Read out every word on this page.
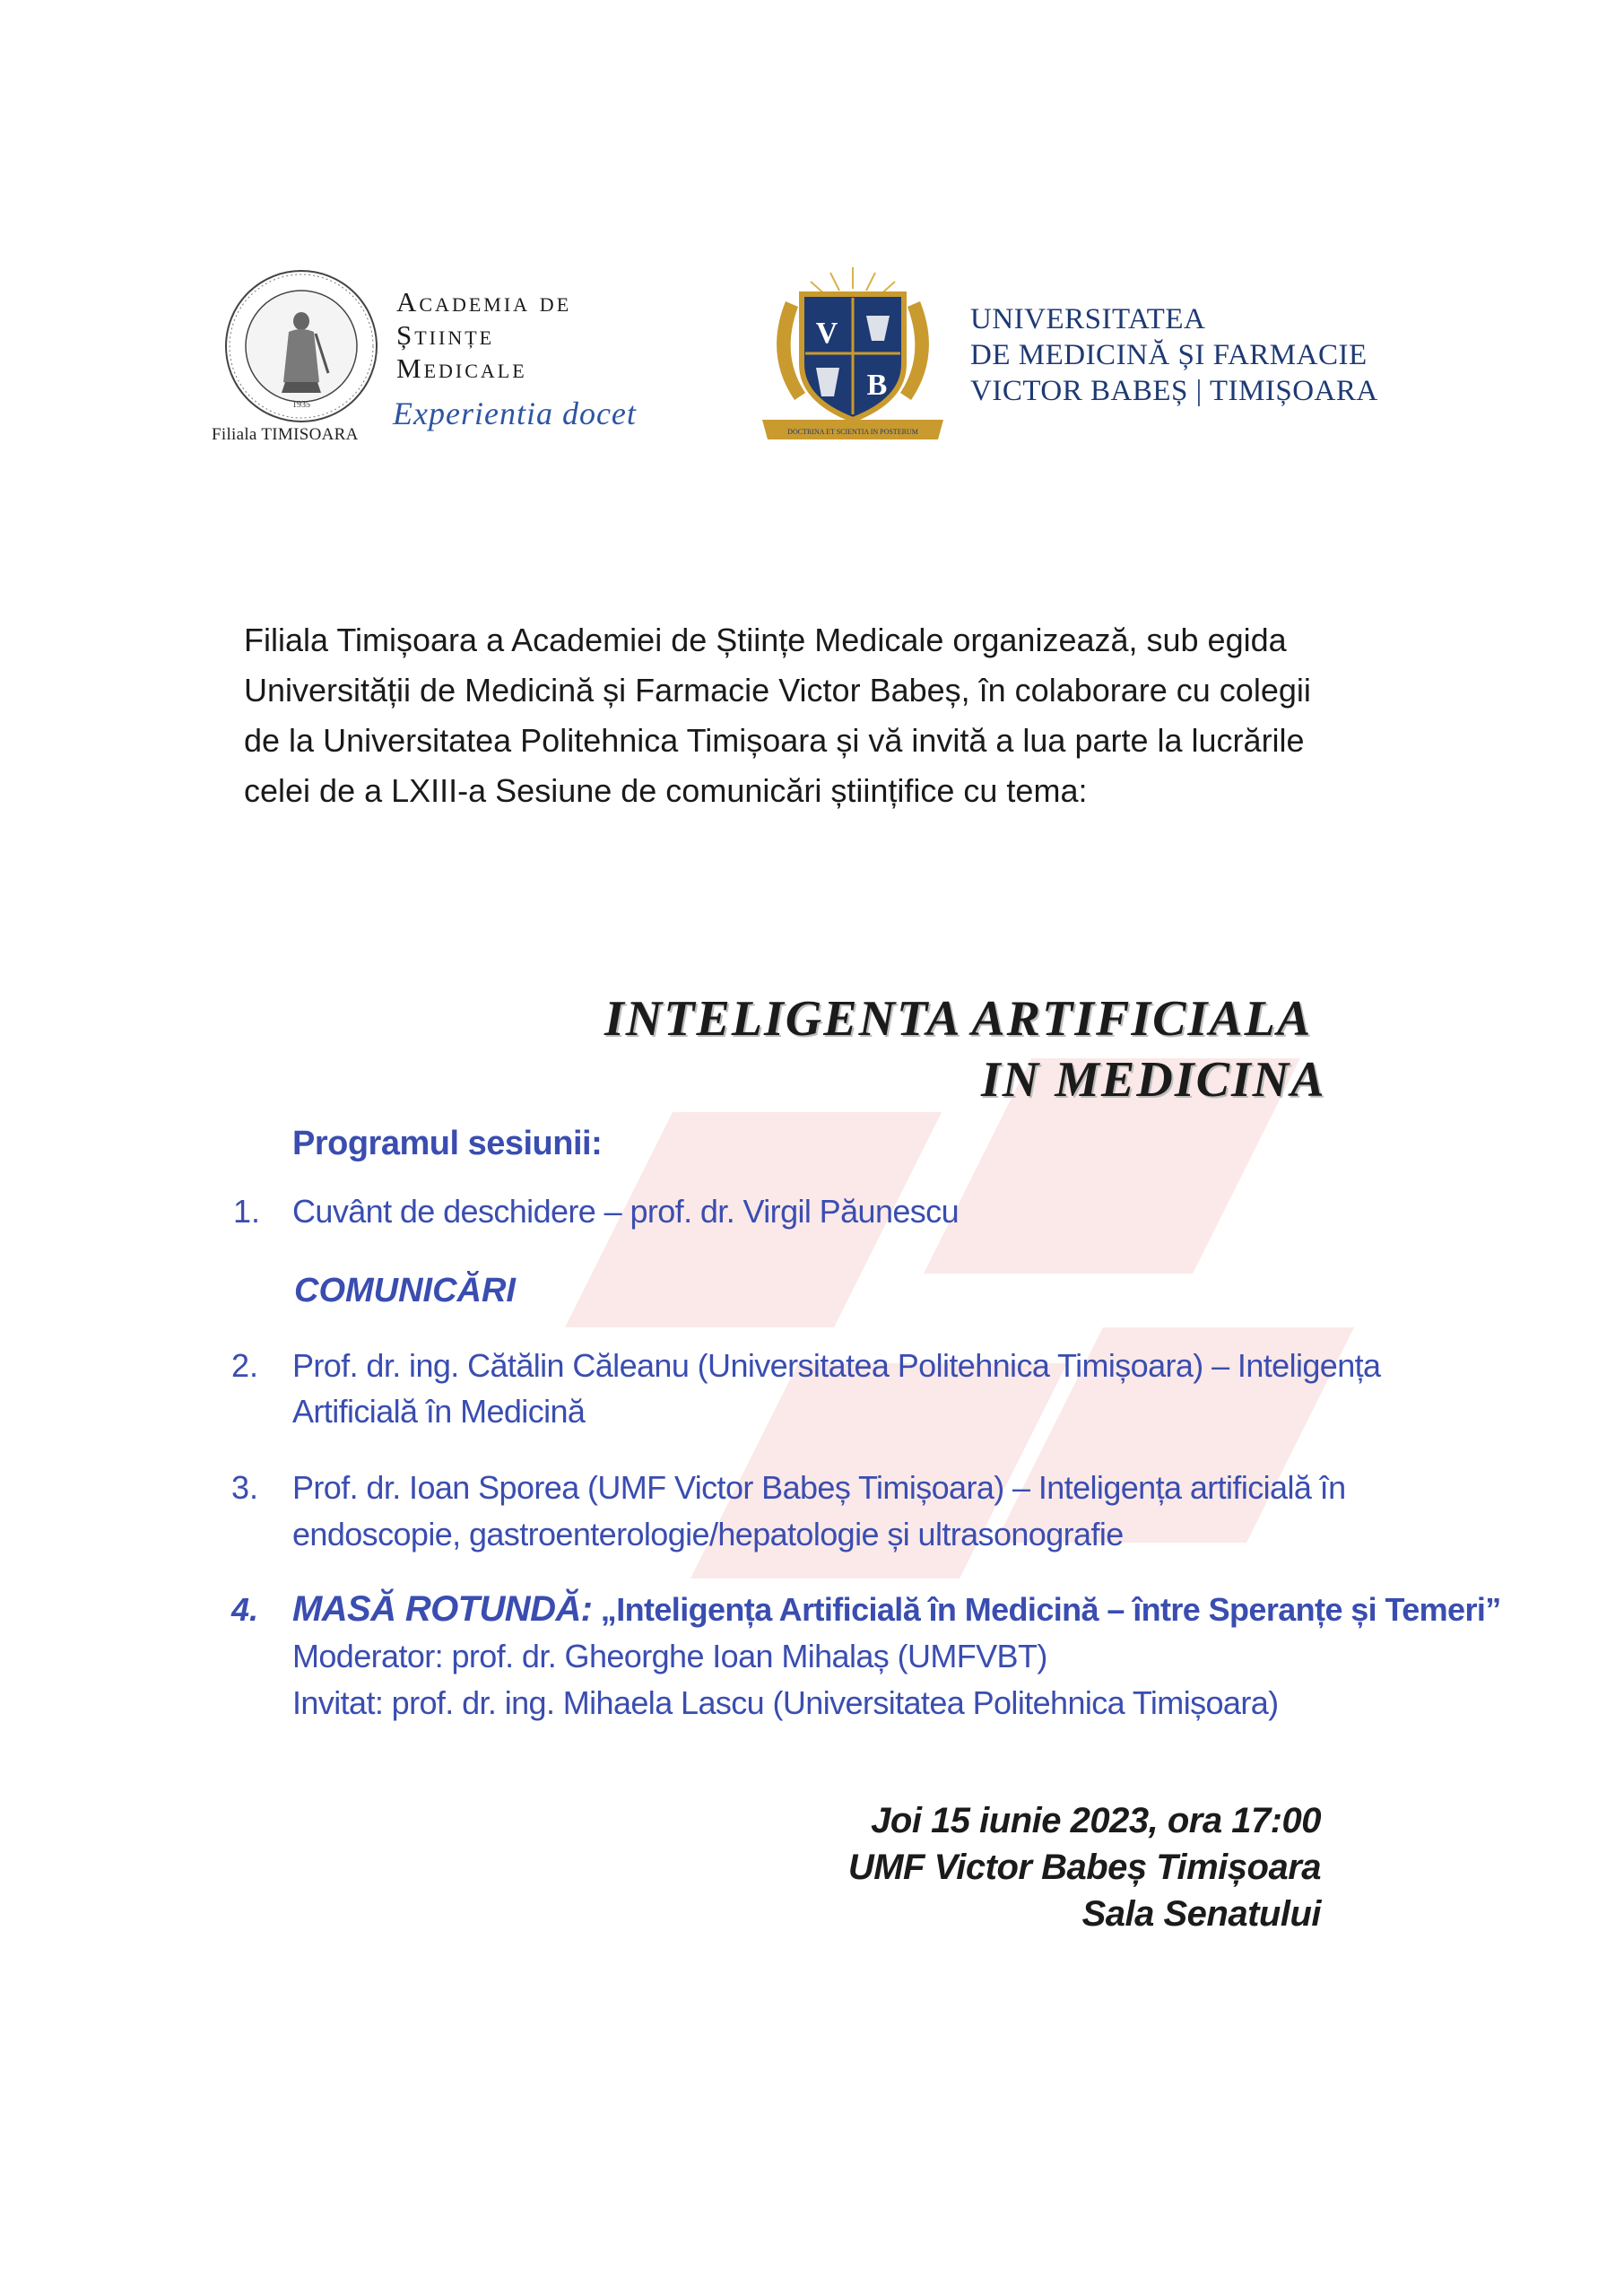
1935
Filiala TIMISOARA
Academia de
Științe
Medicale
Experientia docet
V
B
DOCTRINA ET SCIENTIA IN POSTERUM
UNIVERSITATEA
DE MEDICINĂ ȘI FARMACIE
VICTOR BABEȘ | TIMIȘOARA

Filiala Timișoara a Academiei de Științe Medicale organizează, sub egida

Universității de Medicină și Farmacie Victor Babeș, în colaborare cu colegii

de la Universitatea Politehnica Timișoara și vă invită a lua parte la lucrările

celei de a LXIII-a Sesiune de comunicări științifice cu tema:

INTELIGENTA ARTIFICIALA
IN MEDICINA
Programul sesiunii:
1. Cuvânt de deschidere – prof. dr. Virgil Păunescu
COMUNICĂRI
2. Prof. dr. ing. Cătălin Căleanu (Universitatea Politehnica Timișoara) – Inteligența
Artificială în Medicină
3. Prof. dr. Ioan Sporea (UMF Victor Babeș Timișoara) – Inteligența artificială în
endoscopie, gastroenterologie/hepatologie și ultrasonografie
4. MASĂ ROTUNDĂ: „Inteligența Artificială în Medicină – între Speranțe și Temeri”
Moderator: prof. dr. Gheorghe Ioan Mihalaș (UMFVBT)
Invitat: prof. dr. ing. Mihaela Lascu (Universitatea Politehnica Timișoara)
Joi 15 iunie 2023, ora 17:00
UMF Victor Babeș Timișoara
Sala Senatului
